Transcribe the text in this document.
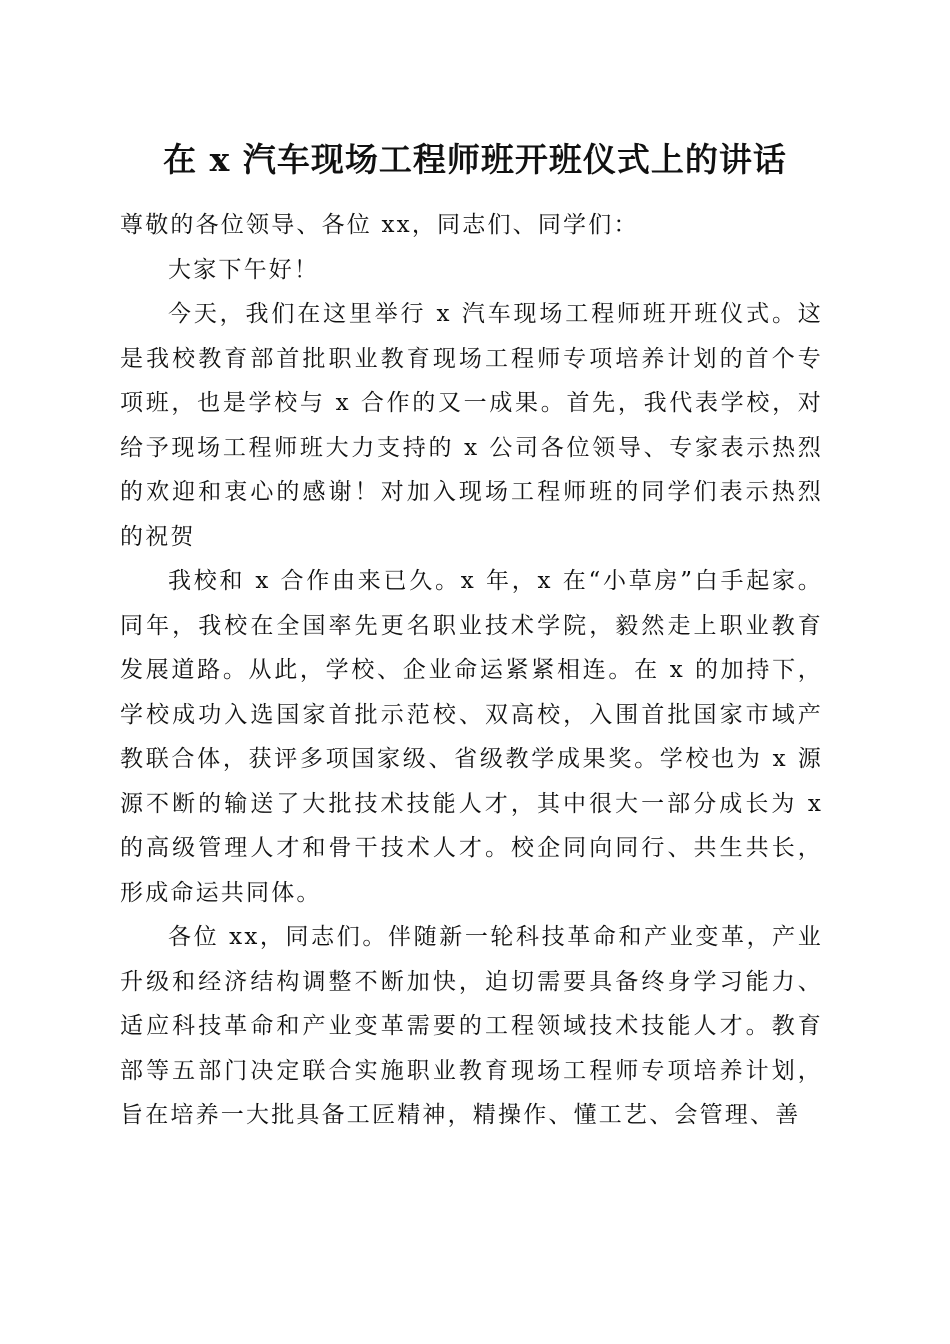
在 x 汽车现场工程师班开班仪式上的讲话

尊敬的各位领导、各位 xx，同志们、同学们：

大家下午好！

今天，我们在这里举行 x 汽车现场工程师班开班仪式。这是我校教育部首批职业教育现场工程师专项培养计划的首个专项班，也是学校与 x 合作的又一成果。首先，我代表学校，对给予现场工程师班大力支持的 x 公司各位领导、专家表示热烈的欢迎和衷心的感谢！对加入现场工程师班的同学们表示热烈的祝贺

我校和 x 合作由来已久。x 年，x 在“小草房”白手起家。同年，我校在全国率先更名职业技术学院，毅然走上职业教育发展道路。从此，学校、企业命运紧紧相连。在 x 的加持下，学校成功入选国家首批示范校、双高校，入围首批国家市域产教联合体，获评多项国家级、省级教学成果奖。学校也为 x 源源不断的输送了大批技术技能人才，其中很大一部分成长为 x 的高级管理人才和骨干技术人才。校企同向同行、共生共长，形成命运共同体。

各位 xx，同志们。伴随新一轮科技革命和产业变革，产业升级和经济结构调整不断加快，迫切需要具备终身学习能力、适应科技革命和产业变革需要的工程领域技术技能人才。教育部等五部门决定联合实施职业教育现场工程师专项培养计划，旨在培养一大批具备工匠精神，精操作、懂工艺、会管理、善
